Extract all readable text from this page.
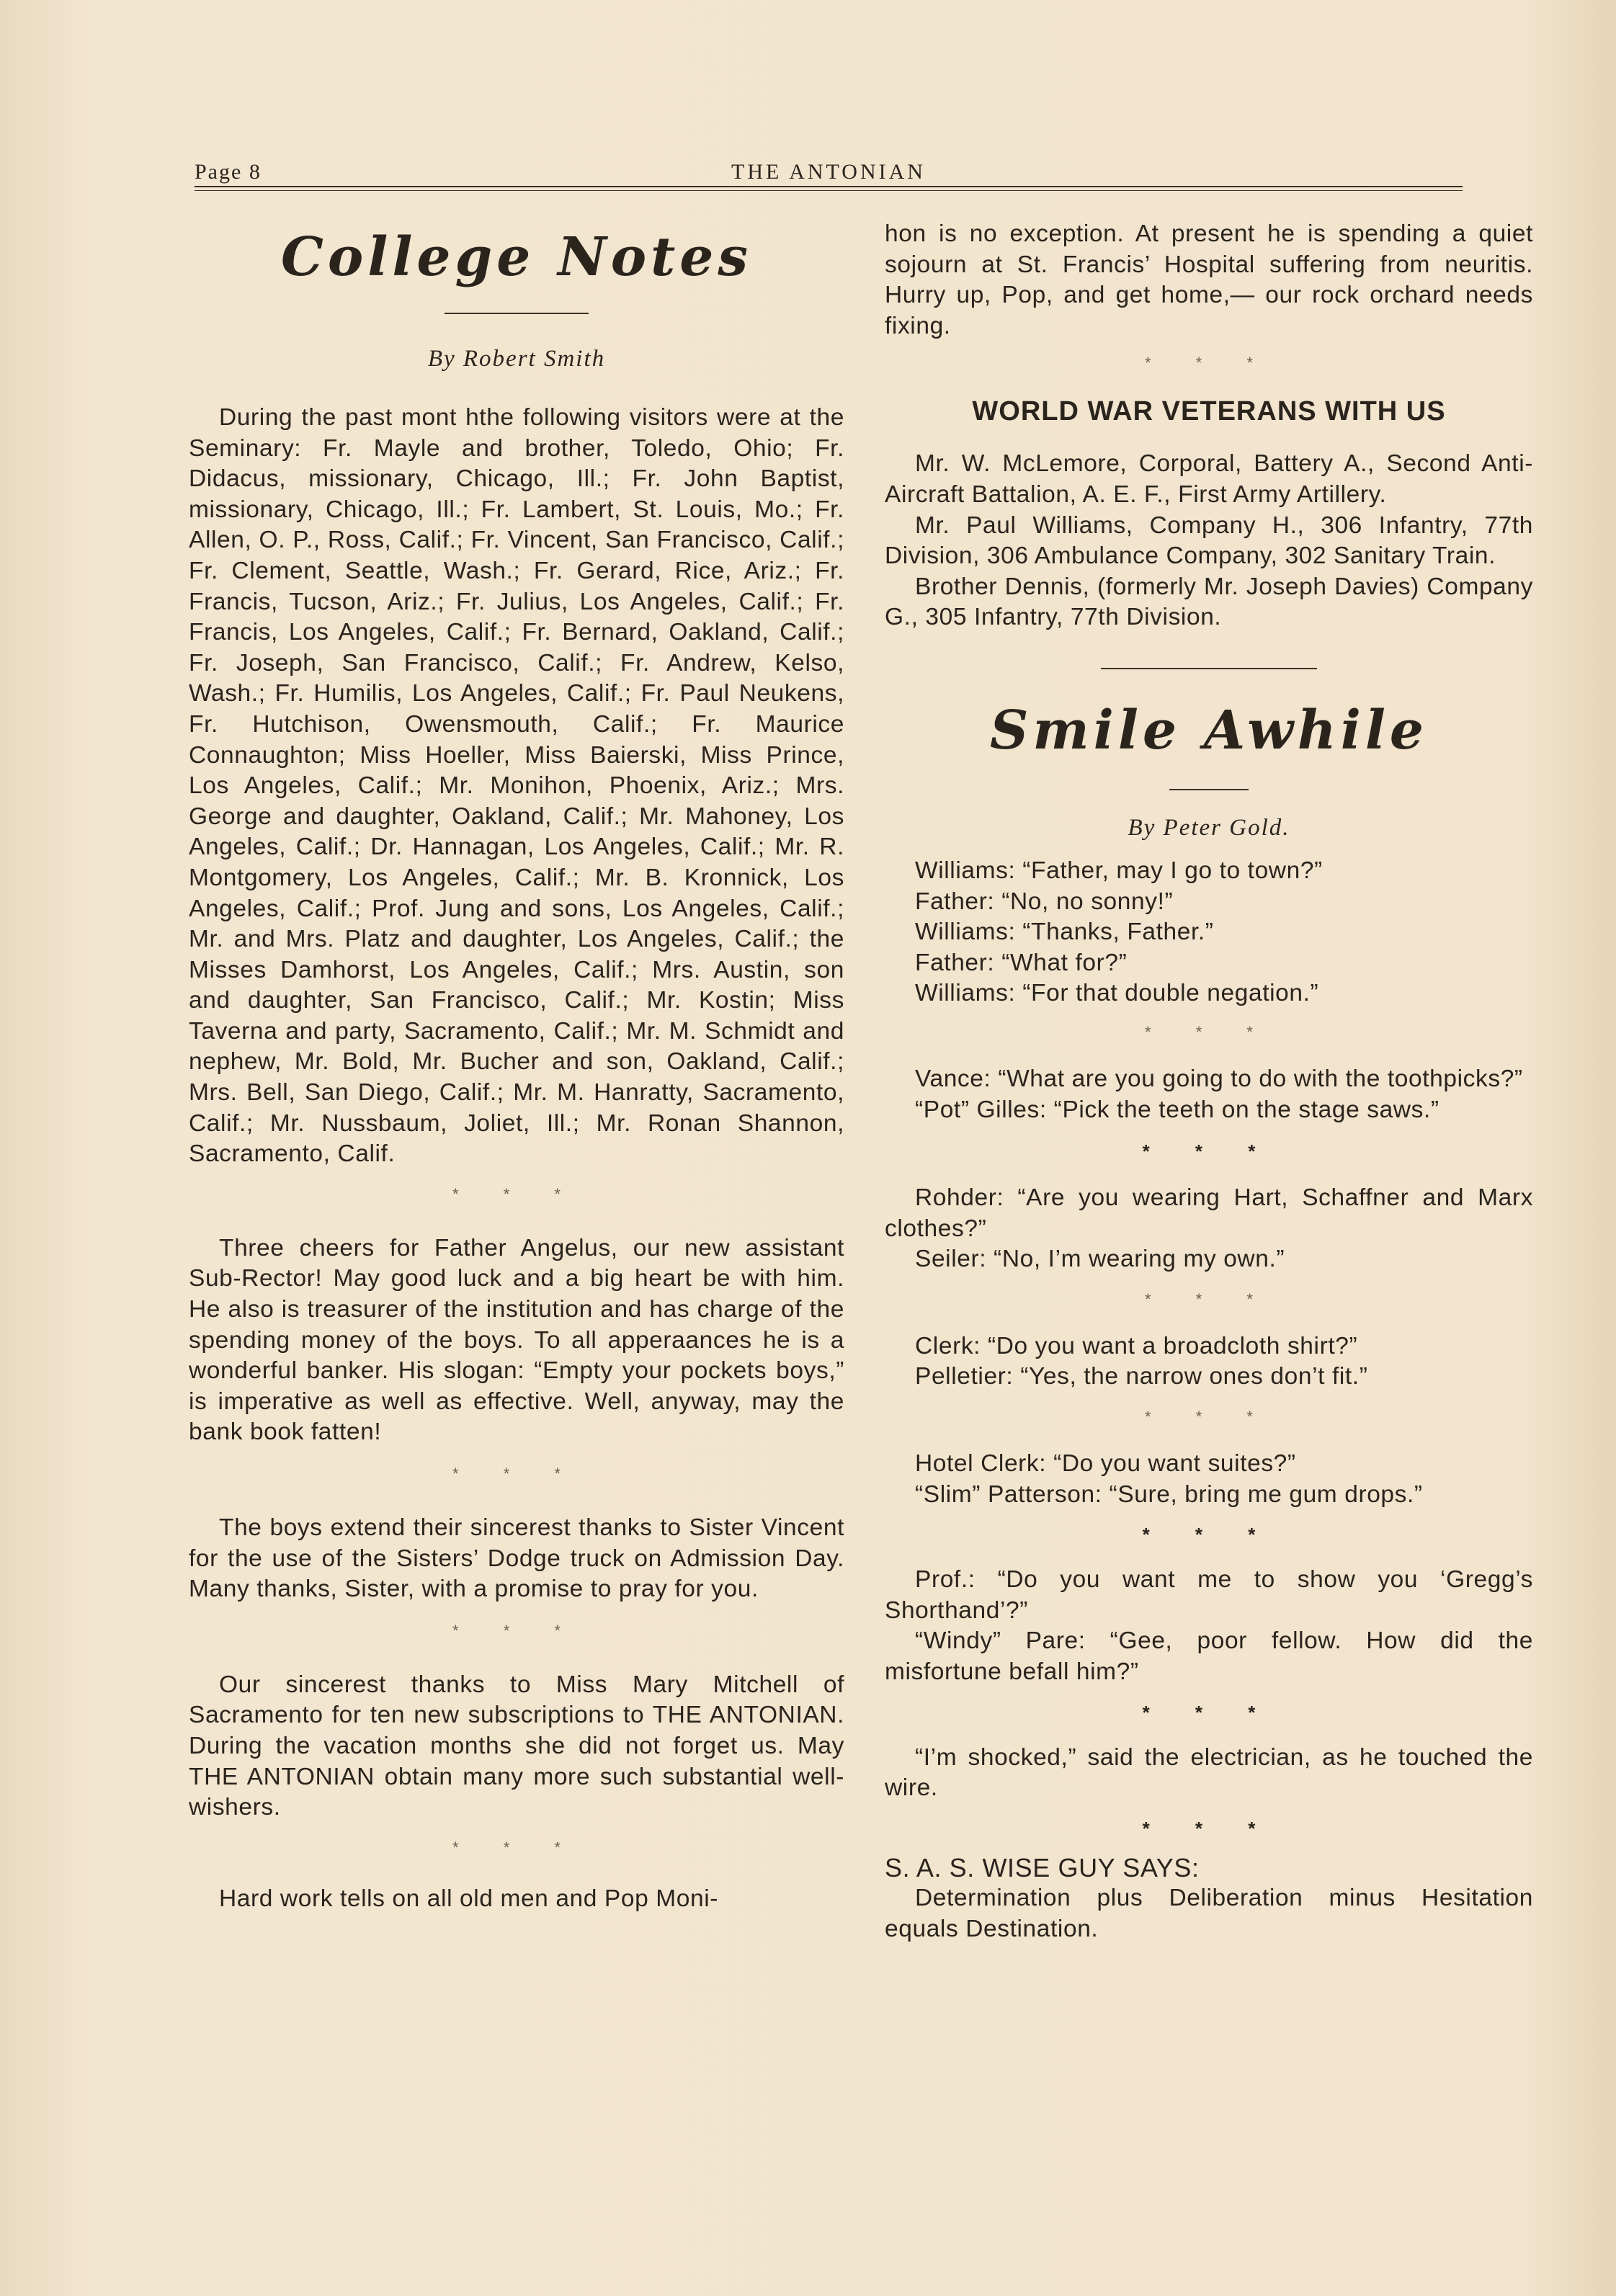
Page 8	THE ANTONIAN
College Notes

By Robert Smith

During the past mont hthe following visitors were at the Seminary: Fr. Mayle and brother, Toledo, Ohio; Fr. Didacus, missionary, Chicago, Ill.; Fr. John Baptist, missionary, Chicago, Ill.; Fr. Lambert, St. Louis, Mo.; Fr. Allen, O. P., Ross, Calif.; Fr. Vincent, San Francisco, Calif.; Fr. Clement, Seattle, Wash.; Fr. Gerard, Rice, Ariz.; Fr. Francis, Tucson, Ariz.; Fr. Julius, Los Angeles, Calif.; Fr. Francis, Los Angeles, Calif.; Fr. Bernard, Oakland, Calif.; Fr. Joseph, San Francisco, Calif.; Fr. Andrew, Kelso, Wash.; Fr. Humilis, Los Angeles, Calif.; Fr. Paul Neukens, Fr. Hutchison, Owensmouth, Calif.; Fr. Maurice Connaughton; Miss Hoeller, Miss Baierski, Miss Prince, Los Angeles, Calif.; Mr. Monihon, Phoenix, Ariz.; Mrs. George and daughter, Oakland, Calif.; Mr. Mahoney, Los Angeles, Calif.; Dr. Hannagan, Los Angeles, Calif.; Mr. R. Montgomery, Los Angeles, Calif.; Mr. B. Kronnick, Los Angeles, Calif.; Prof. Jung and sons, Los Angeles, Calif.; Mr. and Mrs. Platz and daughter, Los Angeles, Calif.; the Misses Damhorst, Los Angeles, Calif.; Mrs. Austin, son and daughter, San Francisco, Calif.; Mr. Kostin; Miss Taverna and party, Sacramento, Calif.; Mr. M. Schmidt and nephew, Mr. Bold, Mr. Bucher and son, Oakland, Calif.; Mrs. Bell, San Diego, Calif.; Mr. M. Hanratty, Sacramento, Calif.; Mr. Nussbaum, Joliet, Ill.; Mr. Ronan Shannon, Sacramento, Calif.

* * *

Three cheers for Father Angelus, our new assistant Sub-Rector! May good luck and a big heart be with him. He also is treasurer of the institution and has charge of the spending money of the boys. To all apperaances he is a wonderful banker. His slogan: “Empty your pockets boys,” is imperative as well as effective. Well, anyway, may the bank book fatten!

* * *

The boys extend their sincerest thanks to Sister Vincent for the use of the Sisters’ Dodge truck on Admission Day. Many thanks, Sister, with a promise to pray for you.

* * *

Our sincerest thanks to Miss Mary Mitchell of Sacramento for ten new subscriptions to THE ANTONIAN. During the vacation months she did not forget us. May THE ANTONIAN obtain many more such substantial well-wishers.

* * *

Hard work tells on all old men and Pop Moni-

hon is no exception. At present he is spending a quiet sojourn at St. Francis’ Hospital suffering from neuritis. Hurry up, Pop, and get home,— our rock orchard needs fixing.

* * *

WORLD WAR VETERANS WITH US

Mr. W. McLemore, Corporal, Battery A., Second Anti-Aircraft Battalion, A. E. F., First Army Artillery.

Mr. Paul Williams, Company H., 306 Infantry, 77th Division, 306 Ambulance Company, 302 Sanitary Train.

Brother Dennis, (formerly Mr. Joseph Davies) Company G., 305 Infantry, 77th Division.

Smile Awhile

By Peter Gold.

Williams: “Father, may I go to town?”

Father: “No, no sonny!”

Williams: “Thanks, Father.”

Father: “What for?”

Williams: “For that double negation.”

* * *

Vance: “What are you going to do with the toothpicks?”

“Pot” Gilles: “Pick the teeth on the stage saws.”

* * *

Rohder: “Are you wearing Hart, Schaffner and Marx clothes?”

Seiler: “No, I’m wearing my own.”

* * *

Clerk: “Do you want a broadcloth shirt?”

Pelletier: “Yes, the narrow ones don’t fit.”

* * *

Hotel Clerk: “Do you want suites?”

“Slim” Patterson: “Sure, bring me gum drops.”

* * *

Prof.: “Do you want me to show you ‘Gregg’s Shorthand’?”

“Windy” Pare: “Gee, poor fellow. How did the misfortune befall him?”

* * *

“I’m shocked,” said the electrician, as he touched the wire.

* * *

S. A. S. WISE GUY SAYS:

Determination plus Deliberation minus Hesitation equals Destination.
